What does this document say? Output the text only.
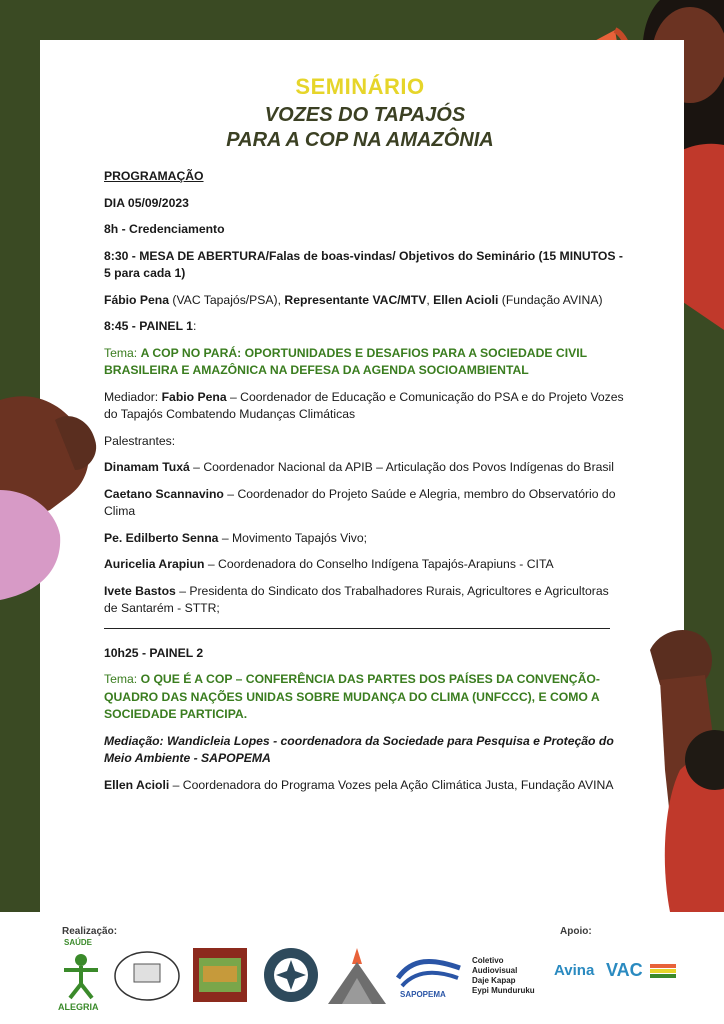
SEMINÁRIO
VOZES DO TAPAJÓS
PARA A COP NA AMAZÔNIA

PROGRAMAÇÃO

DIA 05/09/2023

8h - Credenciamento

8:30 - MESA DE ABERTURA/Falas de boas-vindas/ Objetivos do Seminário (15 MINUTOS - 5 para cada 1)

Fábio Pena (VAC Tapajós/PSA), Representante VAC/MTV, Ellen Acioli (Fundação AVINA)

8:45 - PAINEL 1:

Tema: A COP NO PARÁ: OPORTUNIDADES E DESAFIOS PARA A SOCIEDADE CIVIL BRASILEIRA E AMAZÔNICA NA DEFESA DA AGENDA SOCIOAMBIENTAL

Mediador: Fabio Pena – Coordenador de Educação e Comunicação do PSA e do Projeto Vozes do Tapajós Combatendo Mudanças Climáticas

Palestrantes:

Dinamam Tuxá – Coordenador Nacional da APIB – Articulação dos Povos Indígenas do Brasil

Caetano Scannavino – Coordenador do Projeto Saúde e Alegria, membro do Observatório do Clima

Pe. Edilberto Senna – Movimento Tapajós Vivo;

Auricelia Arapiun – Coordenadora do Conselho Indígena Tapajós-Arapiuns - CITA

Ivete Bastos – Presidenta do Sindicato dos Trabalhadores Rurais, Agricultores e Agricultoras de Santarém - STTR;

10h25 - PAINEL 2

Tema: O QUE É A COP – CONFERÊNCIA DAS PARTES DOS PAÍSES DA CONVENÇÃO-QUADRO DAS NAÇÕES UNIDAS SOBRE MUDANÇA DO CLIMA (UNFCCC), E COMO A SOCIEDADE PARTICIPA.

Mediação: Wandicleia Lopes - coordenadora da Sociedade para Pesquisa e Proteção do Meio Ambiente - SAPOPEMA

Ellen Acioli – Coordenadora do Programa Vozes pela Ação Climática Justa, Fundação AVINA

Realização:	Apoio:
SAÚDE
ALEGRIA
SAPOPEMA
Coletivo
Audiovisual
Daje Kapap
Eypi Munduruku
Avina VAC
